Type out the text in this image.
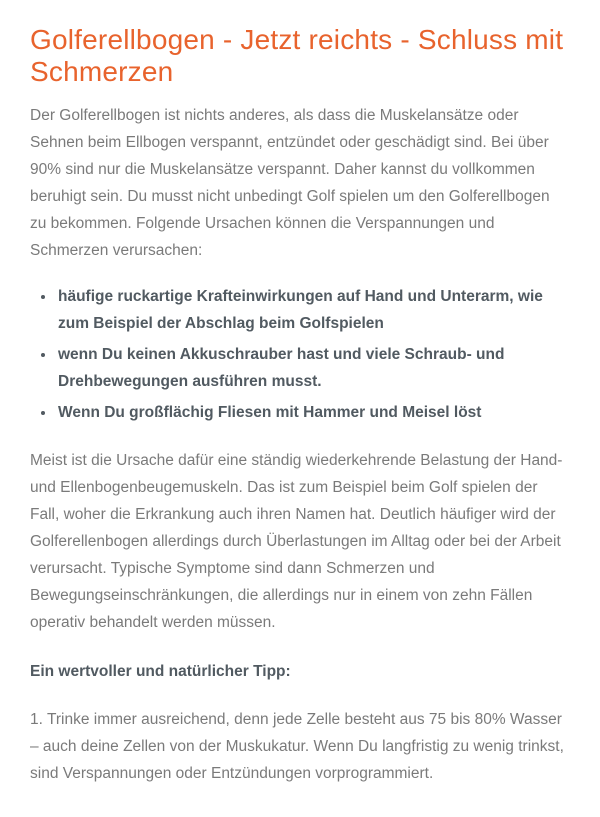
Golferellbogen - Jetzt reichts - Schluss mit Schmerzen

Der Golferellbogen ist nichts anderes, als dass die Muskelansätze oder Sehnen beim Ellbogen verspannt, entzündet oder geschädigt sind. Bei über 90% sind nur die Muskelansätze verspannt. Daher kannst du vollkommen beruhigt sein. Du musst nicht unbedingt Golf spielen um den Golferellbogen zu bekommen. Folgende Ursachen können die Verspannungen und Schmerzen verursachen:

• häufige ruckartige Krafteinwirkungen auf Hand und Unterarm, wie zum Beispiel der Abschlag beim Golfspielen
• wenn Du keinen Akkuschrauber hast und viele Schraub- und Drehbewegungen ausführen musst.
• Wenn Du großflächig Fliesen mit Hammer und Meisel löst

Meist ist die Ursache dafür eine ständig wiederkehrende Belastung der Hand- und Ellenbogenbeugemuskeln. Das ist zum Beispiel beim Golf spielen der Fall, woher die Erkrankung auch ihren Namen hat. Deutlich häufiger wird der Golferellenbogen allerdings durch Überlastungen im Alltag oder bei der Arbeit verursacht. Typische Symptome sind dann Schmerzen und Bewegungseinschränkungen, die allerdings nur in einem von zehn Fällen operativ behandelt werden müssen.

Ein wertvoller und natürlicher Tipp:

1. Trinke immer ausreichend, denn jede Zelle besteht aus 75 bis 80% Wasser – auch deine Zellen von der Muskukatur. Wenn Du langfristig zu wenig trinkst, sind Verspannungen oder Entzündungen vorprogrammiert.
